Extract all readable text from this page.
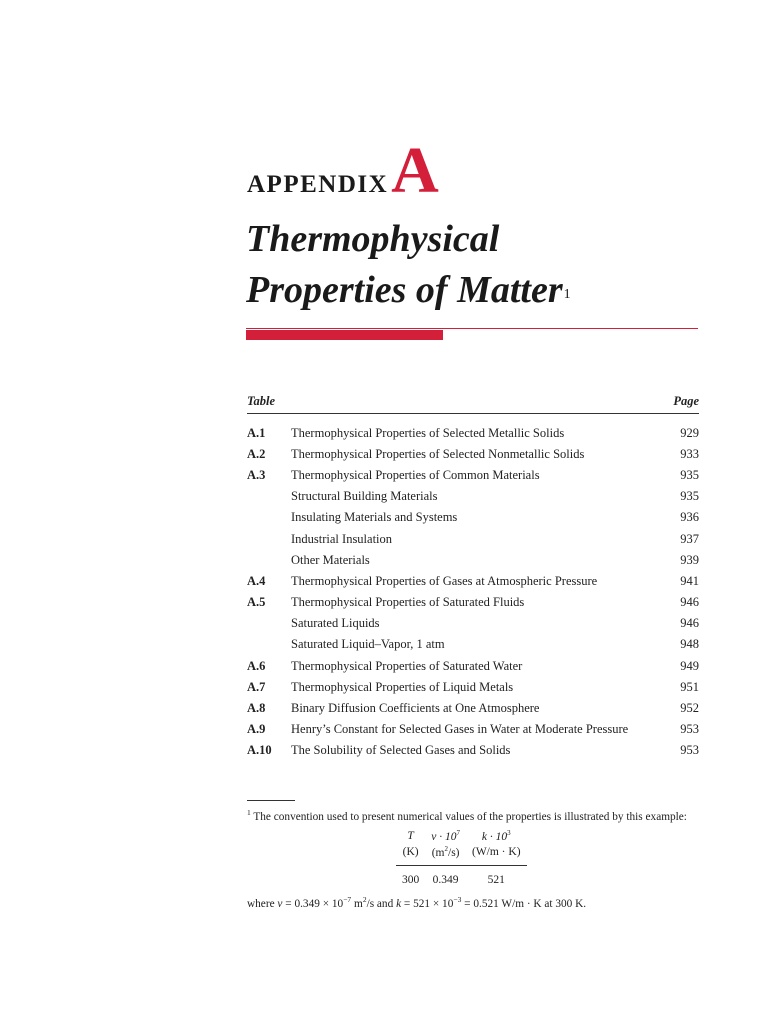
APPENDIX A
Thermophysical
Properties of Matter$^1$
Table	Page
A.1	Thermophysical Properties of Selected Metallic Solids	929
A.2	Thermophysical Properties of Selected Nonmetallic Solids	933
A.3	Thermophysical Properties of Common Materials	935
Structural Building Materials	935
Insulating Materials and Systems	936
Industrial Insulation	937
Other Materials	939
A.4	Thermophysical Properties of Gases at Atmospheric Pressure	941
A.5	Thermophysical Properties of Saturated Fluids	946
Saturated Liquids	946
Saturated Liquid–Vapor, 1 atm	948
A.6	Thermophysical Properties of Saturated Water	949
A.7	Thermophysical Properties of Liquid Metals	951
A.8	Binary Diffusion Coefficients at One Atmosphere	952
A.9	Henry’s Constant for Selected Gases in Water at Moderate Pressure	953
A.10	The Solubility of Selected Gases and Solids	953
$^1$ The convention used to present numerical values of the properties is illustrated by this example:
T	$\nu \cdot 10^7$	$k \cdot 10^3$
(K)	$(m^2/s)$	(W/m · K)
300	0.349	521
where $\nu = 0.349 \times 10^{-7}$ $m^2/s$ and $k = 521 \times 10^{-3} = 0.521$ W/m · K at 300 K.
